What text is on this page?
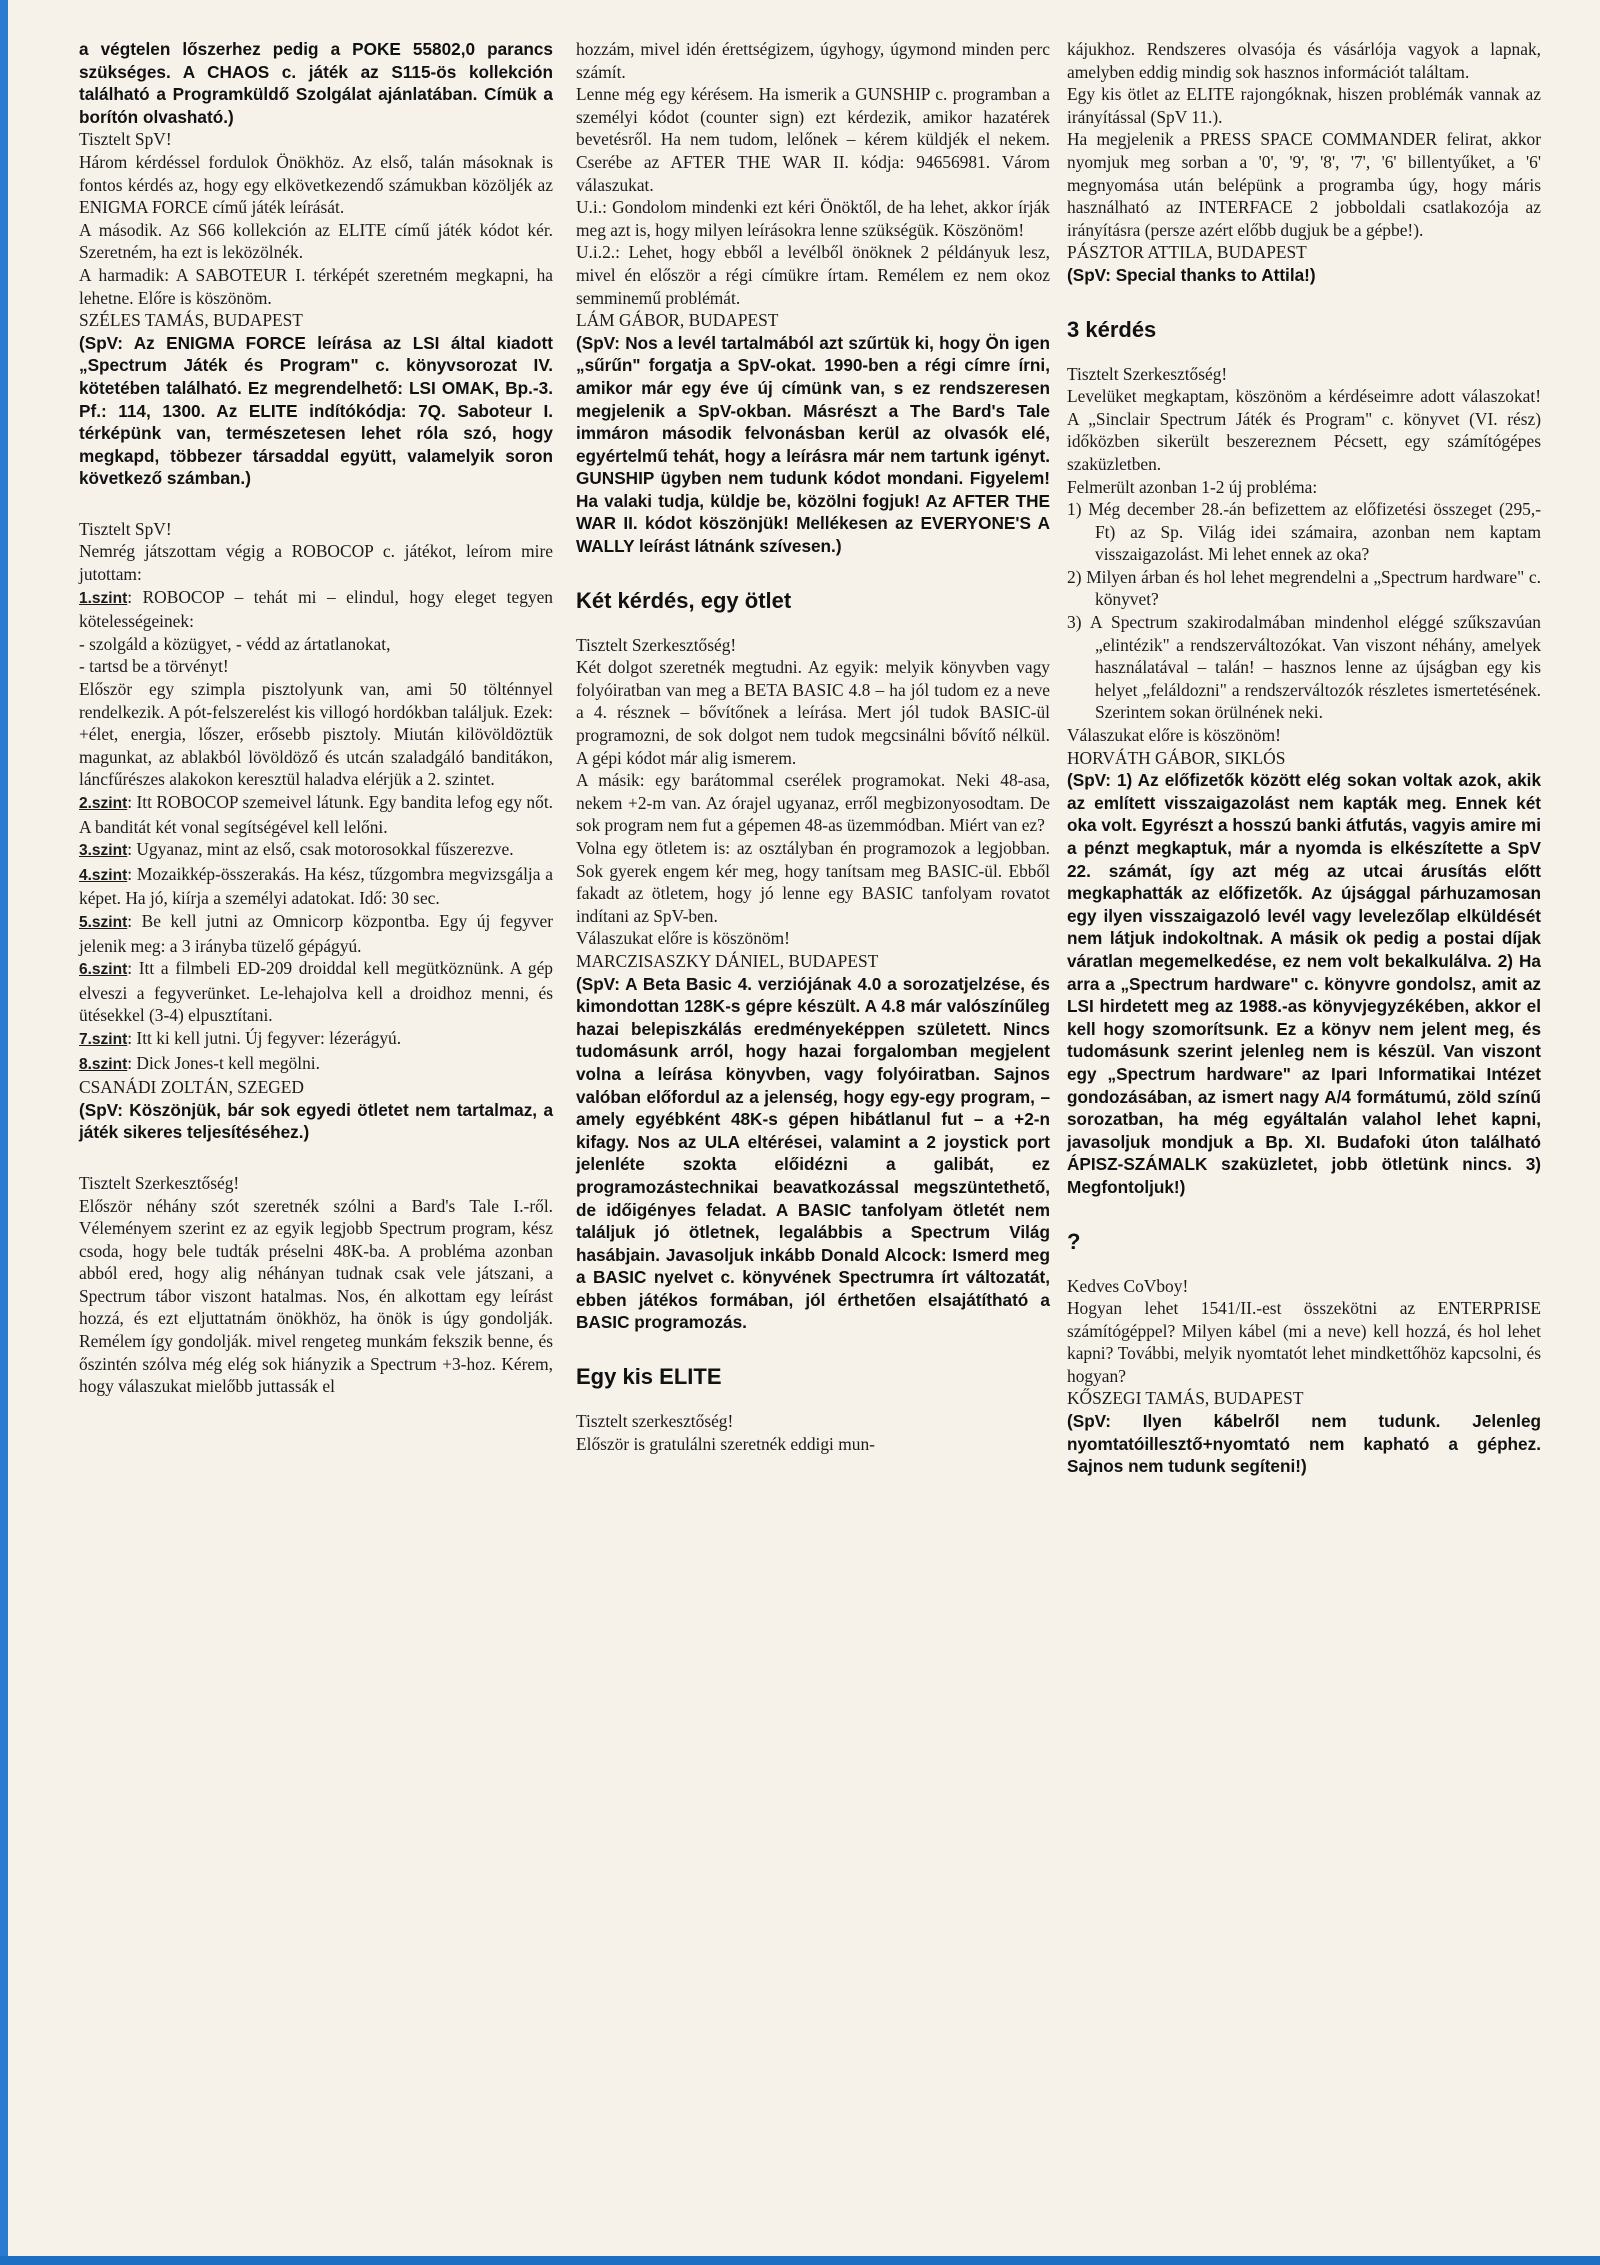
a végtelen lőszerhez pedig a POKE 55802,0 parancs szükséges. A CHAOS c. játék az S115-ös kollekción található a Programküldő Szolgálat ajánlatában. Címük a borítón olvasható.)

Tisztelt SpV!

Három kérdéssel fordulok Önökhöz. Az első, talán másoknak is fontos kérdés az, hogy egy elkövetkezendő számukban közöljék az ENIGMA FORCE című játék leírását.

A második. Az S66 kollekción az ELITE című játék kódot kér. Szeretném, ha ezt is leközölnék.

A harmadik: A SABOTEUR I. térképét szeretném megkapni, ha lehetne. Előre is köszönöm.

SZÉLES TAMÁS, BUDAPEST

(SpV: Az ENIGMA FORCE leírása az LSI által kiadott „Spectrum Játék és Program" c. könyvsorozat IV. kötetében található. Ez megrendelhető: LSI OMAK, Bp.-3. Pf.: 114, 1300. Az ELITE indítókódja: 7Q. Saboteur I. térképünk van, természetesen lehet róla szó, hogy megkapd, többezer társaddal együtt, valamelyik soron következő számban.)

Tisztelt SpV!

Nemrég játszottam végig a ROBOCOP c. játékot, leírom mire jutottam:

1.szint: ROBOCOP – tehát mi – elindul, hogy eleget tegyen kötelességeinek:

- szolgáld a közügyet, - védd az ártatlanokat,

- tartsd be a törvényt!

Először egy szimpla pisztolyunk van, ami 50 tölténnyel rendelkezik. A pót-felszerelést kis villogó hordókban találjuk. Ezek: +élet, energia, lőszer, erősebb pisztoly. Miután kilövöldöztük magunkat, az ablakból lövöldöző és utcán szaladgáló banditákon, láncfűrészes alakokon keresztül haladva elérjük a 2. szintet.

2.szint: Itt ROBOCOP szemeivel látunk. Egy bandita lefog egy nőt. A banditát két vonal segítségével kell lelőni.

3.szint: Ugyanaz, mint az első, csak motorosokkal fűszerezve.

4.szint: Mozaikkép-összerakás. Ha kész, tűzgombra megvizsgálja a képet. Ha jó, kiírja a személyi adatokat. Idő: 30 sec.

5.szint: Be kell jutni az Omnicorp központba. Egy új fegyver jelenik meg: a 3 irányba tüzelő gépágyú.

6.szint: Itt a filmbeli ED-209 droiddal kell megütköznünk. A gép elveszi a fegyverünket. Le-lehajolva kell a droidhoz menni, és ütésekkel (3-4) elpusztítani.

7.szint: Itt ki kell jutni. Új fegyver: lézerágyú.

8.szint: Dick Jones-t kell megölni.

CSANÁDI ZOLTÁN, SZEGED

(SpV: Köszönjük, bár sok egyedi ötletet nem tartalmaz, a játék sikeres teljesítéséhez.)

Tisztelt Szerkesztőség!

Először néhány szót szeretnék szólni a Bard's Tale I.-ről. Véleményem szerint ez az egyik legjobb Spectrum program, kész csoda, hogy bele tudták préselni 48K-ba. A probléma azonban abból ered, hogy alig néhányan tudnak csak vele játszani, a Spectrum tábor viszont hatalmas. Nos, én alkottam egy leírást hozzá, és ezt eljuttatnám önökhöz, ha önök is úgy gondolják. Remélem így gondolják. mivel rengeteg munkám fekszik benne, és őszintén szólva még elég sok hiányzik a Spectrum +3-hoz. Kérem, hogy válaszukat mielőbb juttassák el

hozzám, mivel idén érettségizem, úgyhogy, úgymond minden perc számít.

Lenne még egy kérésem. Ha ismerik a GUNSHIP c. programban a személyi kódot (counter sign) ezt kérdezik, amikor hazatérek bevetésről. Ha nem tudom, lelőnek – kérem küldjék el nekem. Cserébe az AFTER THE WAR II. kódja: 94656981. Várom válaszukat.

U.i.: Gondolom mindenki ezt kéri Önöktől, de ha lehet, akkor írják meg azt is, hogy milyen leírásokra lenne szükségük. Köszönöm!

U.i.2.: Lehet, hogy ebből a levélből önöknek 2 példányuk lesz, mivel én először a régi címükre írtam. Remélem ez nem okoz semminemű problémát.

LÁM GÁBOR, BUDAPEST

(SpV: Nos a levél tartalmából azt szűrtük ki, hogy Ön igen „sűrűn" forgatja a SpV-okat. 1990-ben a régi címre írni, amikor már egy éve új címünk van, s ez rendszeresen megjelenik a SpV-okban. Másrészt a The Bard's Tale immáron második felvonásban kerül az olvasók elé, egyértelmű tehát, hogy a leírásra már nem tartunk igényt. GUNSHIP ügyben nem tudunk kódot mondani. Figyelem! Ha valaki tudja, küldje be, közölni fogjuk! Az AFTER THE WAR II. kódot köszönjük! Mellékesen az EVERYONE'S A WALLY leírást látnánk szívesen.)

Két kérdés, egy ötlet

Tisztelt Szerkesztőség!

Két dolgot szeretnék megtudni. Az egyik: melyik könyvben vagy folyóiratban van meg a BETA BASIC 4.8 – ha jól tudom ez a neve a 4. résznek – bővítőnek a leírása. Mert jól tudok BASIC-ül programozni, de sok dolgot nem tudok megcsinálni bővítő nélkül. A gépi kódot már alig ismerem.

A másik: egy barátommal cserélek programokat. Neki 48-asa, nekem +2-m van. Az órajel ugyanaz, erről megbizonyosodtam. De sok program nem fut a gépemen 48-as üzemmódban. Miért van ez?

Volna egy ötletem is: az osztályban én programozok a legjobban. Sok gyerek engem kér meg, hogy tanítsam meg BASIC-ül. Ebből fakadt az ötletem, hogy jó lenne egy BASIC tanfolyam rovatot indítani az SpV-ben.

Válaszukat előre is köszönöm!

MARCZISASZKY DÁNIEL, BUDAPEST

(SpV: A Beta Basic 4. verziójának 4.0 a sorozatjelzése, és kimondottan 128K-s gépre készült. A 4.8 már valószínűleg hazai belepiszkálás eredményeképpen született. Nincs tudomásunk arról, hogy hazai forgalomban megjelent volna a leírása könyvben, vagy folyóiratban. Sajnos valóban előfordul az a jelenség, hogy egy-egy program, – amely egyébként 48K-s gépen hibátlanul fut – a +2-n kifagy. Nos az ULA eltérései, valamint a 2 joystick port jelenléte szokta előidézni a galibát, ez programozástechnikai beavatkozással megszüntethető, de időigényes feladat. A BASIC tanfolyam ötletét nem találjuk jó ötletnek, legalábbis a Spectrum Világ hasábjain. Javasoljuk inkább Donald Alcock: Ismerd meg a BASIC nyelvet c. könyvének Spectrumra írt változatát, ebben játékos formában, jól érthetően elsajátítható a BASIC programozás.

Egy kis ELITE

Tisztelt szerkesztőség!

Először is gratulálni szeretnék eddigi mun-

kájukhoz. Rendszeres olvasója és vásárlója vagyok a lapnak, amelyben eddig mindig sok hasznos információt találtam.

Egy kis ötlet az ELITE rajongóknak, hiszen problémák vannak az irányítással (SpV 11.).

Ha megjelenik a PRESS SPACE COMMANDER felirat, akkor nyomjuk meg sorban a '0', '9', '8', '7', '6' billentyűket, a '6' megnyomása után belépünk a programba úgy, hogy máris használható az INTERFACE 2 jobboldali csatlakozója az irányításra (persze azért előbb dugjuk be a gépbe!).

PÁSZTOR ATTILA, BUDAPEST

(SpV: Special thanks to Attila!)

3 kérdés

Tisztelt Szerkesztőség!

Levelüket megkaptam, köszönöm a kérdéseimre adott válaszokat! A „Sinclair Spectrum Játék és Program" c. könyvet (VI. rész) időközben sikerült beszereznem Pécsett, egy számítógépes szaküzletben.

Felmerült azonban 1-2 új probléma:

1) Még december 28.-án befizettem az előfizetési összeget (295,- Ft) az Sp. Világ idei számaira, azonban nem kaptam visszaigazolást. Mi lehet ennek az oka?

2) Milyen árban és hol lehet megrendelni a „Spectrum hardware" c. könyvet?

3) A Spectrum szakirodalmában mindenhol eléggé szűkszavúan „elintézik" a rendszerváltozókat. Van viszont néhány, amelyek használatával – talán! – hasznos lenne az újságban egy kis helyet „feláldozni" a rendszerváltozók részletes ismertetésének. Szerintem sokan örülnének neki.

Válaszukat előre is köszönöm!

HORVÁTH GÁBOR, SIKLÓS

(SpV: 1) Az előfizetők között elég sokan voltak azok, akik az említett visszaigazolást nem kapták meg. Ennek két oka volt. Egyrészt a hosszú banki átfutás, vagyis amire mi a pénzt megkaptuk, már a nyomda is elkészítette a SpV 22. számát, így azt még az utcai árusítás előtt megkaphatták az előfizetők. Az újsággal párhuzamosan egy ilyen visszaigazoló levél vagy levelezőlap elküldését nem látjuk indokoltnak. A másik ok pedig a postai díjak váratlan megemelkedése, ez nem volt bekalkulálva. 2) Ha arra a „Spectrum hardware" c. könyvre gondolsz, amit az LSI hirdetett meg az 1988.-as könyvjegyzékében, akkor el kell hogy szomorítsunk. Ez a könyv nem jelent meg, és tudomásunk szerint jelenleg nem is készül. Van viszont egy „Spectrum hardware" az Ipari Informatikai Intézet gondozásában, az ismert nagy A/4 formátumú, zöld színű sorozatban, ha még egyáltalán valahol lehet kapni, javasoljuk mondjuk a Bp. XI. Budafoki úton található ÁPISZ-SZÁMALK szaküzletet, jobb ötletünk nincs. 3) Megfontoljuk!)

?

Kedves CoVboy!

Hogyan lehet 1541/II.-est összekötni az ENTERPRISE számítógéppel? Milyen kábel (mi a neve) kell hozzá, és hol lehet kapni? További, melyik nyomtatót lehet mindkettőhöz kapcsolni, és hogyan?

KŐSZEGI TAMÁS, BUDAPEST

(SpV: Ilyen kábelről nem tudunk. Jelenleg nyomtatóillesztő+nyomtató nem kapható a géphez. Sajnos nem tudunk segíteni!)
